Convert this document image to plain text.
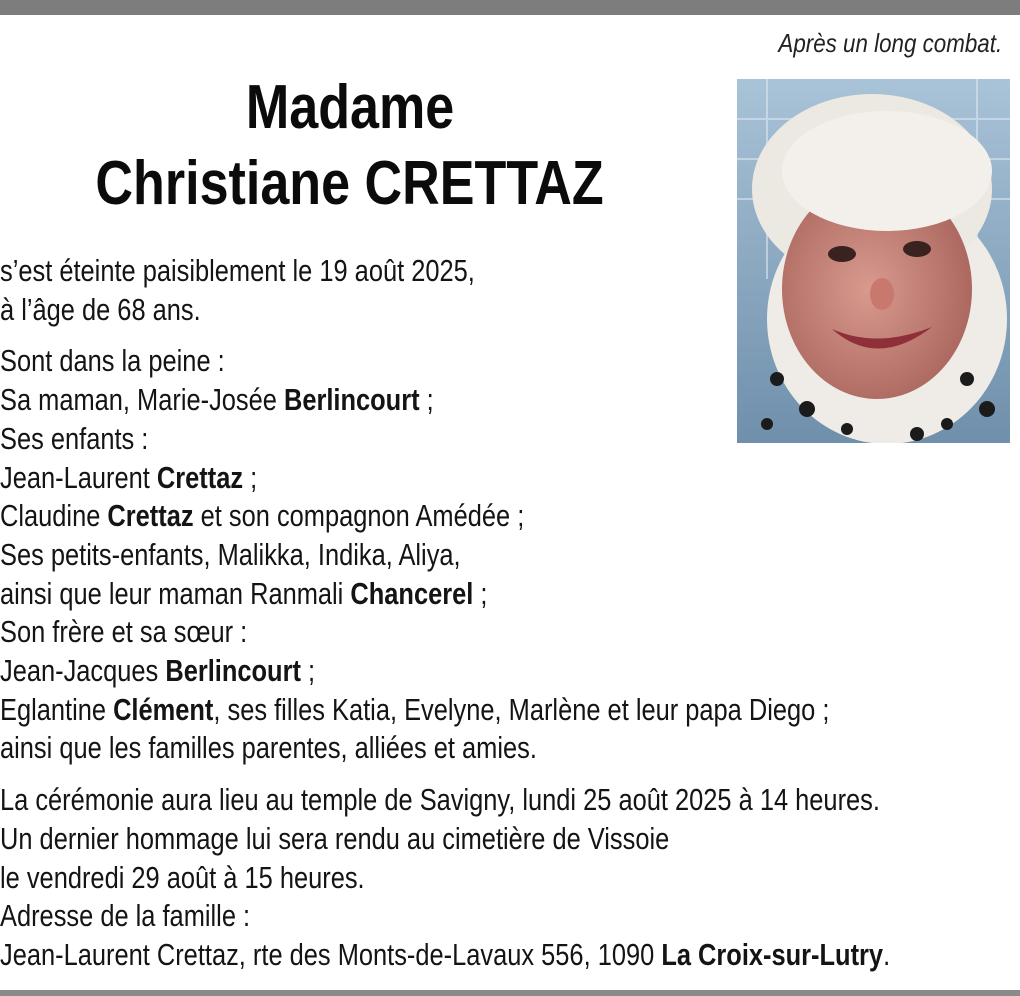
Après un long combat.
Madame
Christiane CRETTAZ
s’est éteinte paisiblement le 19 août 2025,
à l’âge de 68 ans.
Sont dans la peine :
Sa maman, Marie-Josée Berlincourt ;
Ses enfants :
Jean-Laurent Crettaz ;
Claudine Crettaz et son compagnon Amédée ;
Ses petits-enfants, Malikka, Indika, Aliya,
ainsi que leur maman Ranmali Chancerel ;
Son frère et sa sœur :
Jean-Jacques Berlincourt ;
Eglantine Clément, ses filles Katia, Evelyne, Marlène et leur papa Diego ;
ainsi que les familles parentes, alliées et amies.
La cérémonie aura lieu au temple de Savigny, lundi 25 août 2025 à 14 heures.
Un dernier hommage lui sera rendu au cimetière de Vissoie
le vendredi 29 août à 15 heures.
Adresse de la famille :
Jean-Laurent Crettaz, rte des Monts-de-Lavaux 556, 1090 La Croix-sur-Lutry.
